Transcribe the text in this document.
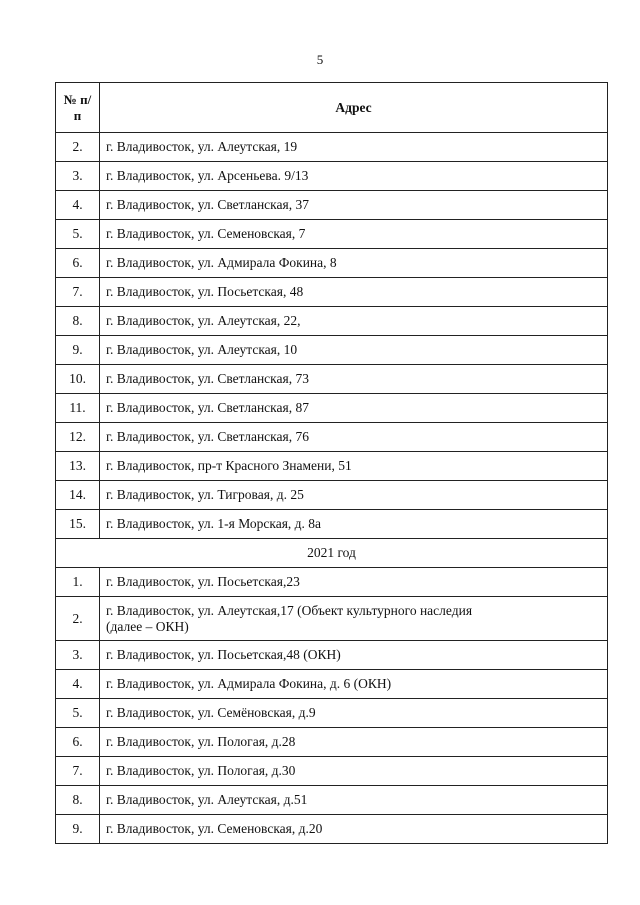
5
№ п/
п	Адрес
2.	г. Владивосток, ул. Алеутская, 19
3.	г. Владивосток, ул. Арсеньева. 9/13
4.	г. Владивосток, ул. Светланская, 37
5.	г. Владивосток, ул. Семеновская, 7
6.	г. Владивосток, ул. Адмирала Фокина, 8
7.	г. Владивосток, ул. Посьетская, 48
8.	г. Владивосток, ул. Алеутская, 22,
9.	г. Владивосток, ул. Алеутская, 10
10.	г. Владивосток, ул. Светланская, 73
11.	г. Владивосток, ул. Светланская, 87
12.	г. Владивосток, ул. Светланская, 76
13.	г. Владивосток, пр-т Красного Знамени, 51
14.	г. Владивосток, ул. Тигровая, д. 25
15.	г. Владивосток, ул. 1-я Морская, д. 8а
2021 год	
1.	г. Владивосток, ул. Посьетская,23
2.	г. Владивосток, ул. Алеутская,17 (Объект культурного наследия
(далее – ОКН)
3.	г. Владивосток, ул. Посьетская,48 (ОКН)
4.	г. Владивосток, ул. Адмирала Фокина, д. 6 (ОКН)
5.	г. Владивосток, ул. Семёновская, д.9
6.	г. Владивосток, ул. Пологая, д.28
7.	г. Владивосток, ул. Пологая, д.30
8.	г. Владивосток, ул. Алеутская, д.51
9.	г. Владивосток, ул. Семеновская, д.20
